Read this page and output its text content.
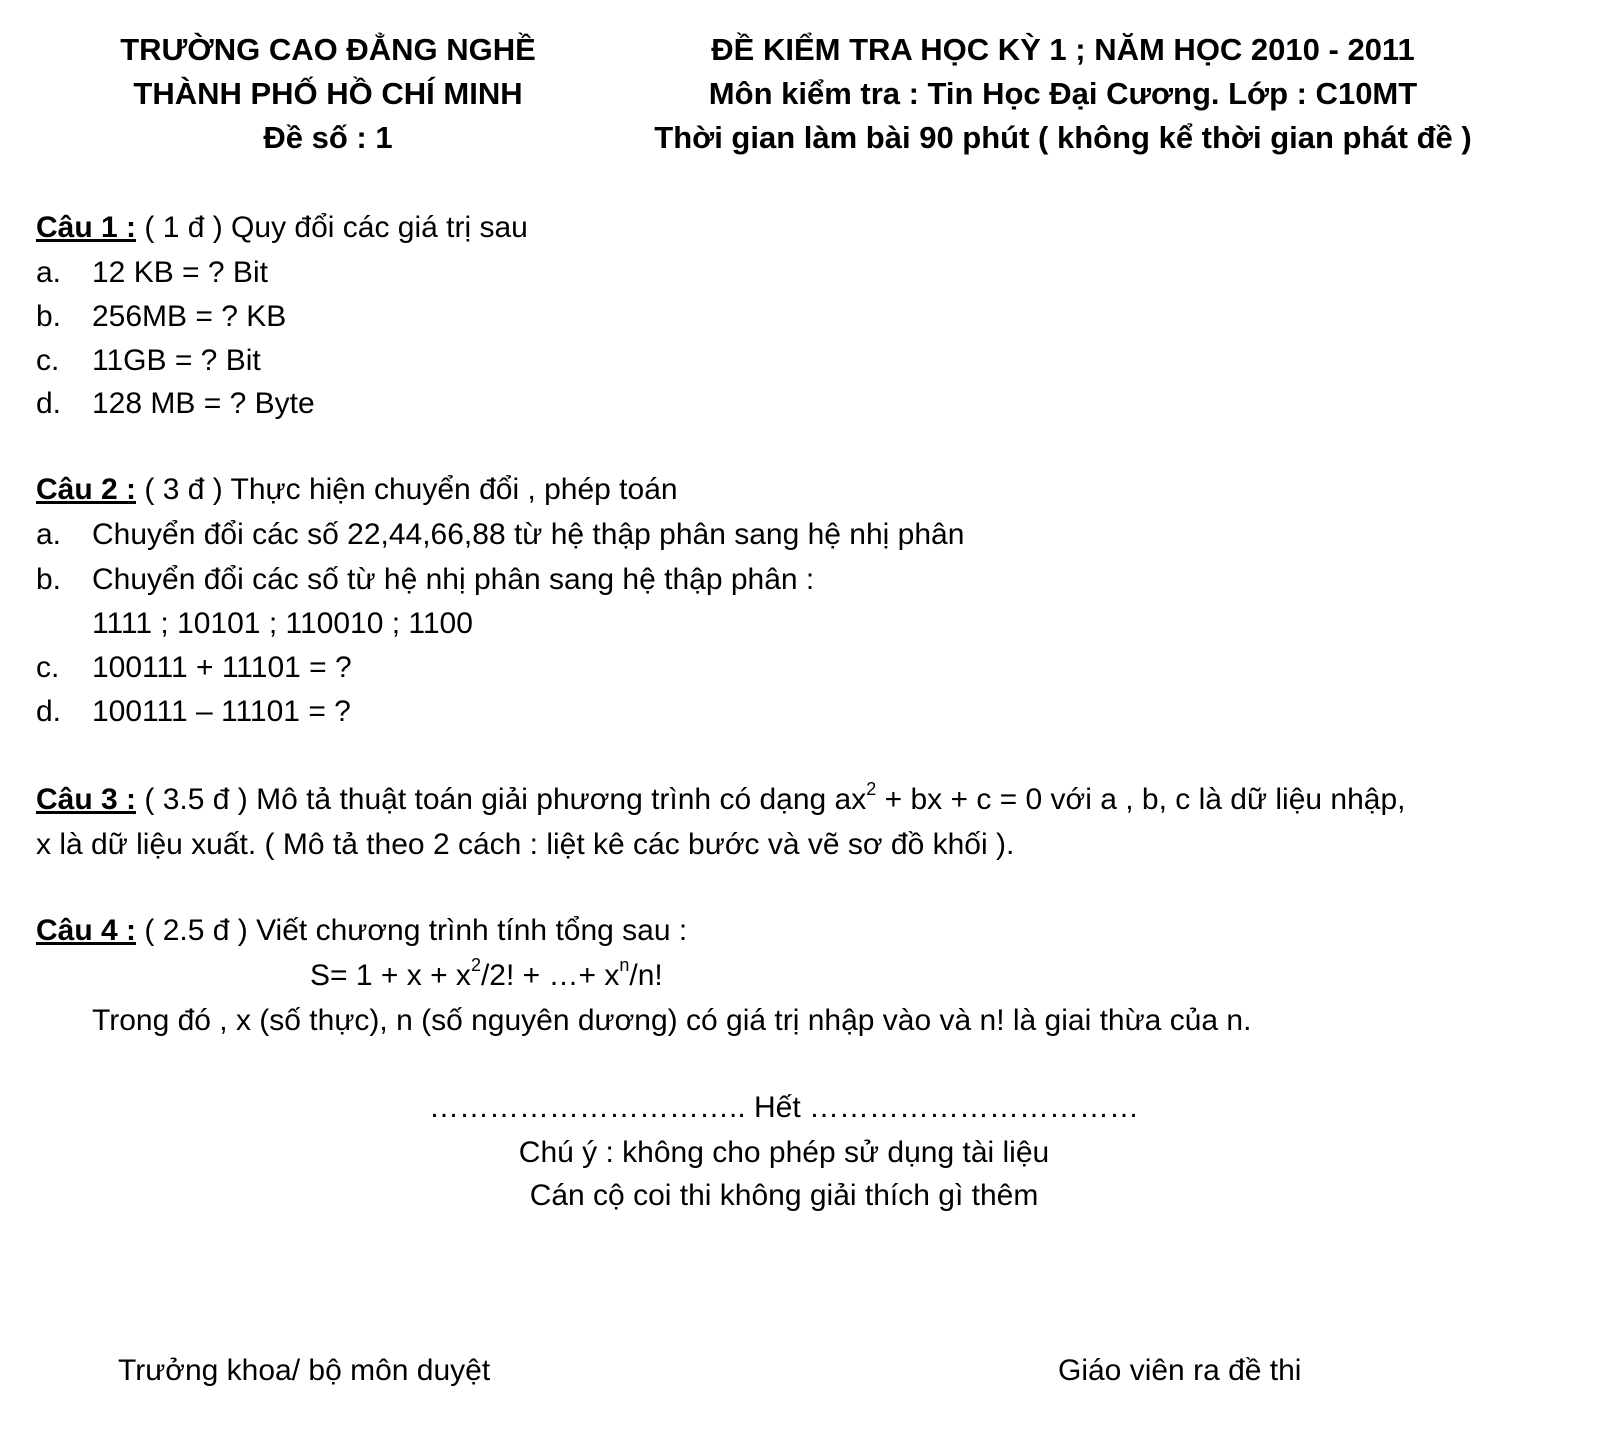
TRƯỜNG CAO ĐẲNG NGHỀ
THÀNH PHỐ HỒ CHÍ MINH
Đề số : 1
ĐỀ KIỂM TRA HỌC KỲ 1 ; NĂM HỌC 2010 - 2011
Môn kiểm tra : Tin Học Đại Cương. Lớp : C10MT
Thời gian làm bài 90 phút ( không kể thời gian phát đề )
Câu 1 : ( 1 đ ) Quy đổi các giá trị sau
a. 12 KB = ? Bit
b. 256MB = ? KB
c. 11GB = ? Bit
d. 128 MB = ? Byte
Câu 2 : ( 3 đ ) Thực hiện chuyển đổi , phép toán
a. Chuyển đổi các số 22,44,66,88 từ hệ thập phân sang hệ nhị phân
b. Chuyển đổi các số từ hệ nhị phân sang hệ thập phân :
1111 ; 10101 ; 110010 ; 1100
c. 100111 + 11101 = ?
d. 100111 – 11101 = ?
Câu 3 : ( 3.5 đ ) Mô tả thuật toán giải phương trình có dạng $ax^2$ + bx + c = 0 với a , b, c là dữ liệu nhập,
x là dữ liệu xuất. ( Mô tả theo 2 cách : liệt kê các bước và vẽ sơ đồ khối ).
Câu 4 : ( 2.5 đ ) Viết chương trình tính tổng sau :
$S= 1 + x + x^2/2$! + …+ $x^n/n$!
Trong đó , x (số thực), n (số nguyên dương) có giá trị nhập vào và n! là giai thừa của n.
………………………….. Hết ……………………………
Chú ý : không cho phép sử dụng tài liệu
Cán cộ coi thi không giải thích gì thêm
Trưởng khoa/ bộ môn duyệt	Giáo viên ra đề thi
